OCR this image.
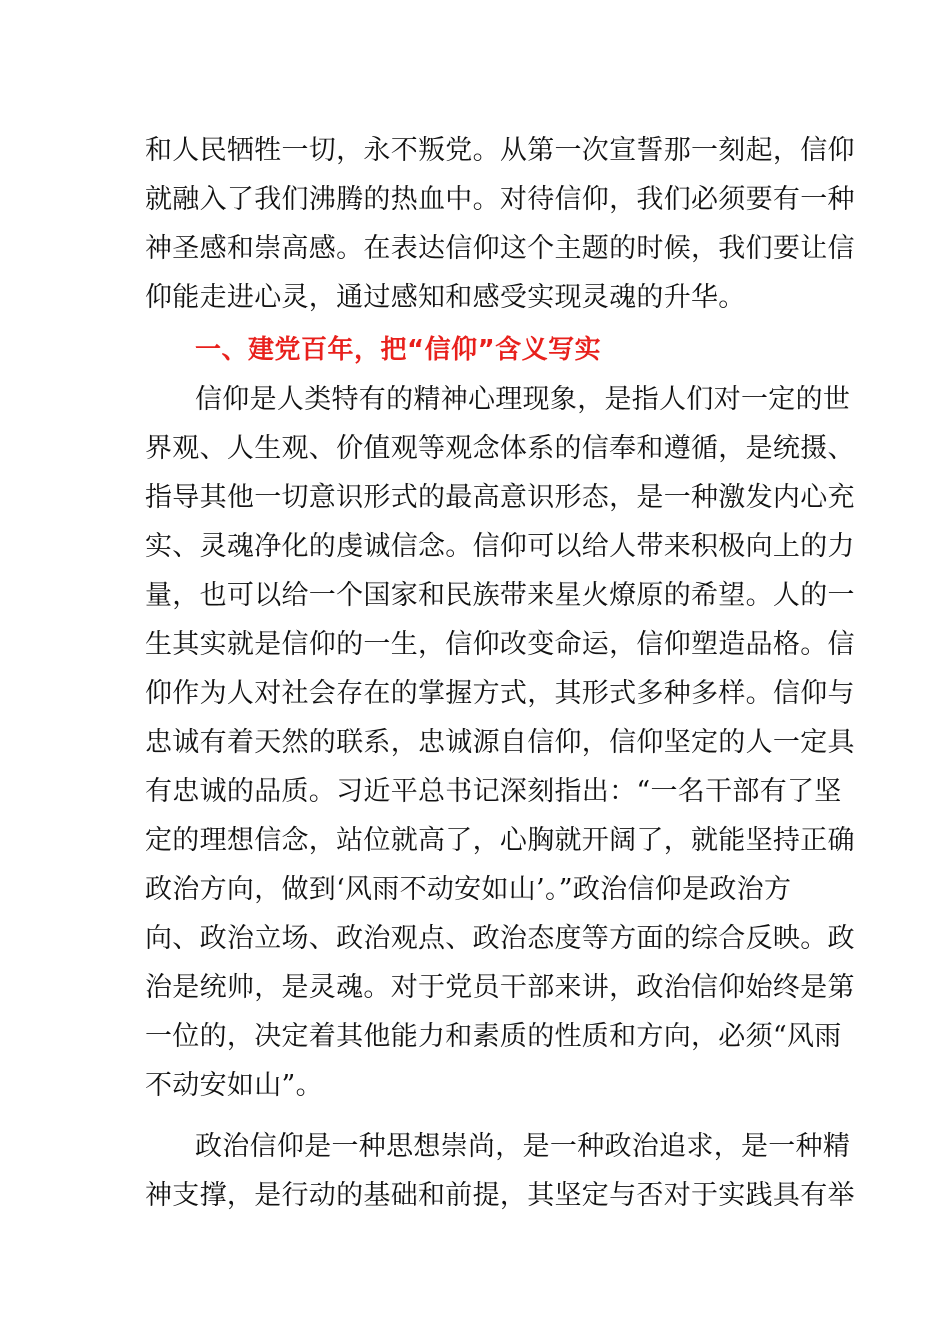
和人民牺牲一切，永不叛党。从第一次宣誓那一刻起，信仰
就融入了我们沸腾的热血中。对待信仰，我们必须要有一种
神圣感和崇高感。在表达信仰这个主题的时候，我们要让信
仰能走进心灵，通过感知和感受实现灵魂的升华。
一、建党百年，把“信仰”含义写实
信仰是人类特有的精神心理现象，是指人们对一定的世
界观、人生观、价值观等观念体系的信奉和遵循，是统摄、
指导其他一切意识形式的最高意识形态，是一种激发内心充
实、灵魂净化的虔诚信念。信仰可以给人带来积极向上的力
量，也可以给一个国家和民族带来星火燎原的希望。人的一
生其实就是信仰的一生，信仰改变命运，信仰塑造品格。信
仰作为人对社会存在的掌握方式，其形式多种多样。信仰与
忠诚有着天然的联系，忠诚源自信仰，信仰坚定的人一定具
有忠诚的品质。习近平总书记深刻指出：“一名干部有了坚
定的理想信念，站位就高了，心胸就开阔了，就能坚持正确
政治方向，做到‘风雨不动安如山’。”政治信仰是政治方
向、政治立场、政治观点、政治态度等方面的综合反映。政
治是统帅，是灵魂。对于党员干部来讲，政治信仰始终是第
一位的，决定着其他能力和素质的性质和方向，必须“风雨
不动安如山”。
政治信仰是一种思想崇尚，是一种政治追求，是一种精
神支撑，是行动的基础和前提，其坚定与否对于实践具有举
